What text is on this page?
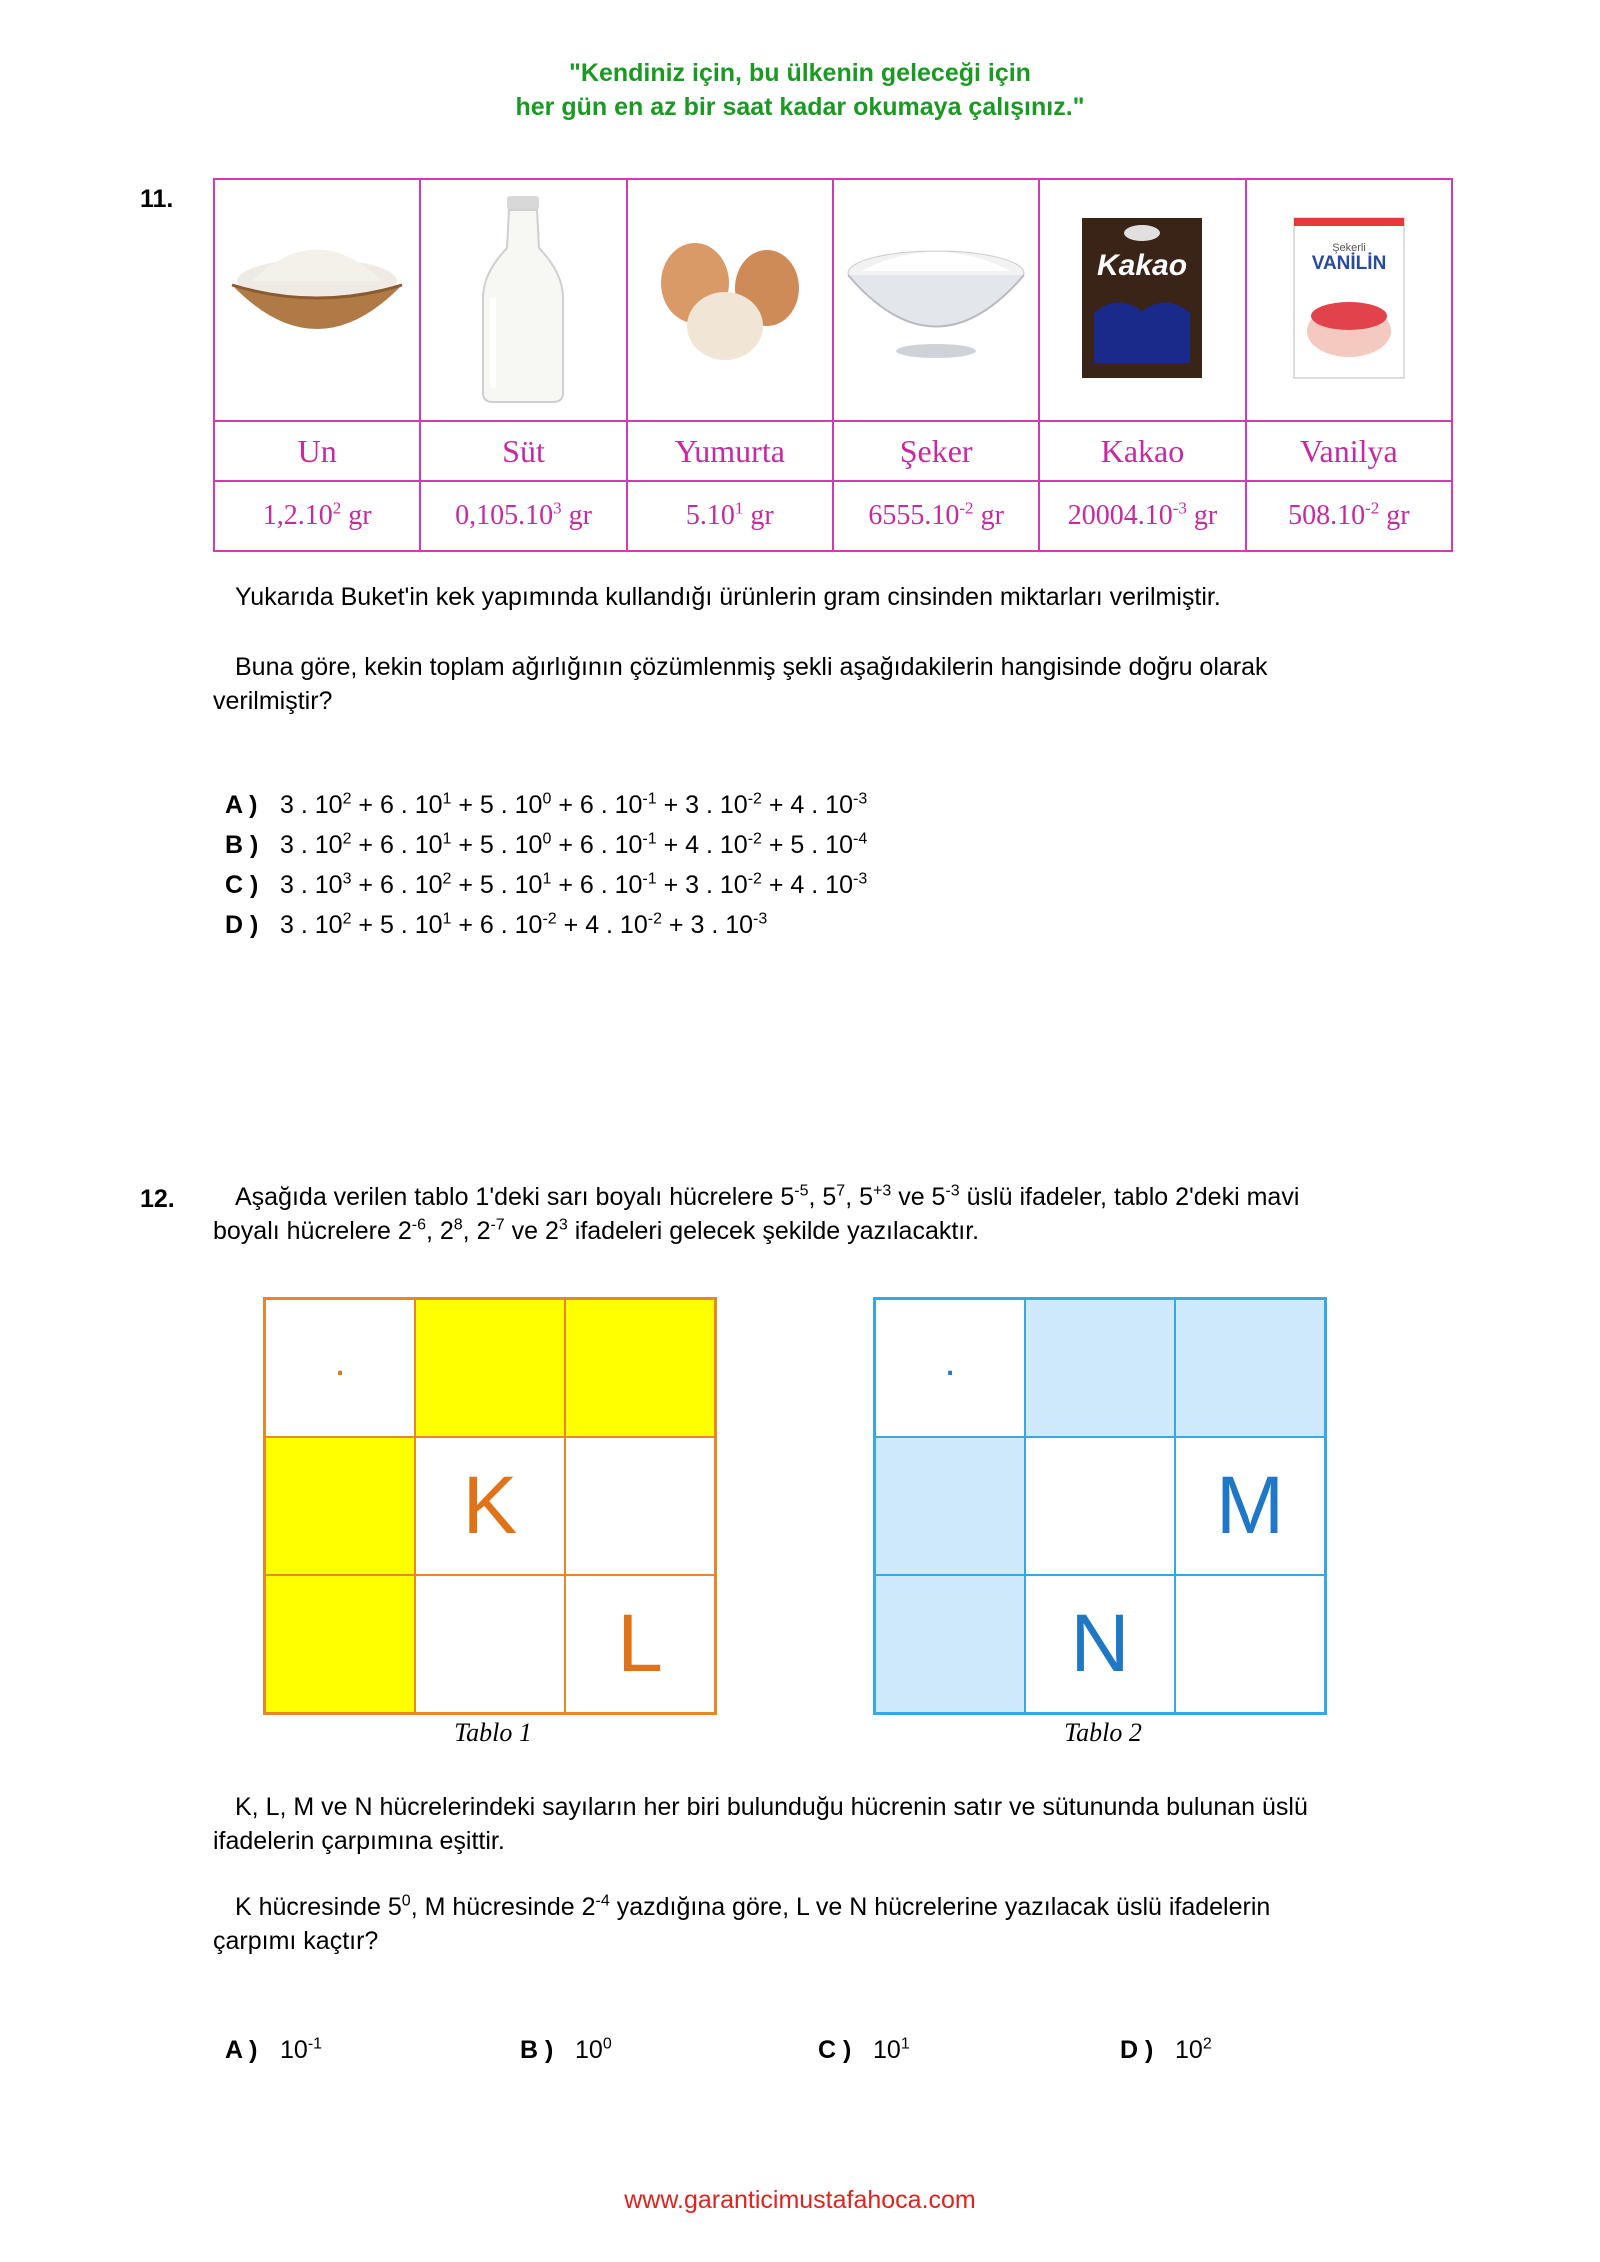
"Kendiniz için, bu ülkenin geleceği için
her gün en az bir saat kadar okumaya çalışınız."
11.

Kakao	Şekerli
VANİLİN

Un	Süt	Yumurta	Şeker	Kakao	Vanilya
1,2.10$^2$ gr	0,105.10$^3$ gr	5.10$^1$ gr	$6555.10^{-2}$ gr	$20004.10^{-3}$ gr	$508.10^{-2}$ gr
Yukarıda Buket'in kek yapımında kullandığı ürünlerin gram cinsinden miktarları verilmiştir.
Buna göre, kekin toplam ağırlığının çözümlenmiş şekli aşağıdakilerin hangisinde doğru olarak
verilmiştir?
A ) 3 . $10^2 + 6$ . $10^1 + 5$ . $10^0 + 6$ . $10^{-1} + 3$ . $10^{-2} + 4$ . $10^{-3}$
B ) 3 . $10^2 + 6$ . $10^1 + 5$ . $10^0 + 6$ . $10^{-1} + 4$ . $10^{-2} + 5$ . $10^{-4}$
C ) 3 . $10^3 + 6$ . $10^2 + 5$ . $10^1 + 6$ . $10^{-1} + 3$ . $10^{-2} + 4$ . $10^{-3}$
D ) 3 . $10^2 + 5$ . $10^1 + 6$ . $10^{-2} + 4$ . $10^{-2} + 3$ . $10^{-3}$
12.	Aşağıda verilen tablo 1'deki sarı boyalı hücrelere $5^{-5}$, $5^7$, $5^{+3}$ ve $5^{-3}$ üslü ifadeler, tablo 2'deki mavi
boyalı hücrelere $2^{-6}$, $2^8$, $2^{-7}$ ve $2^3$ ifadeleri gelecek şekilde yazılacaktır.
.
K
L
Tablo 1
.
M
N
Tablo 2
K, L, M ve N hücrelerindeki sayıların her biri bulunduğu hücrenin satır ve sütununda bulunan üslü
ifadelerin çarpımına eşittir.
K hücresinde $5^0$, M hücresinde $2^{-4}$ yazdığına göre, L ve N hücrelerine yazılacak üslü ifadelerin
çarpımı kaçtır?
A ) $10^{-1}$	B ) $10^0$	C ) $10^1$	D ) $10^2$
www.garanticimustafahoca.com
